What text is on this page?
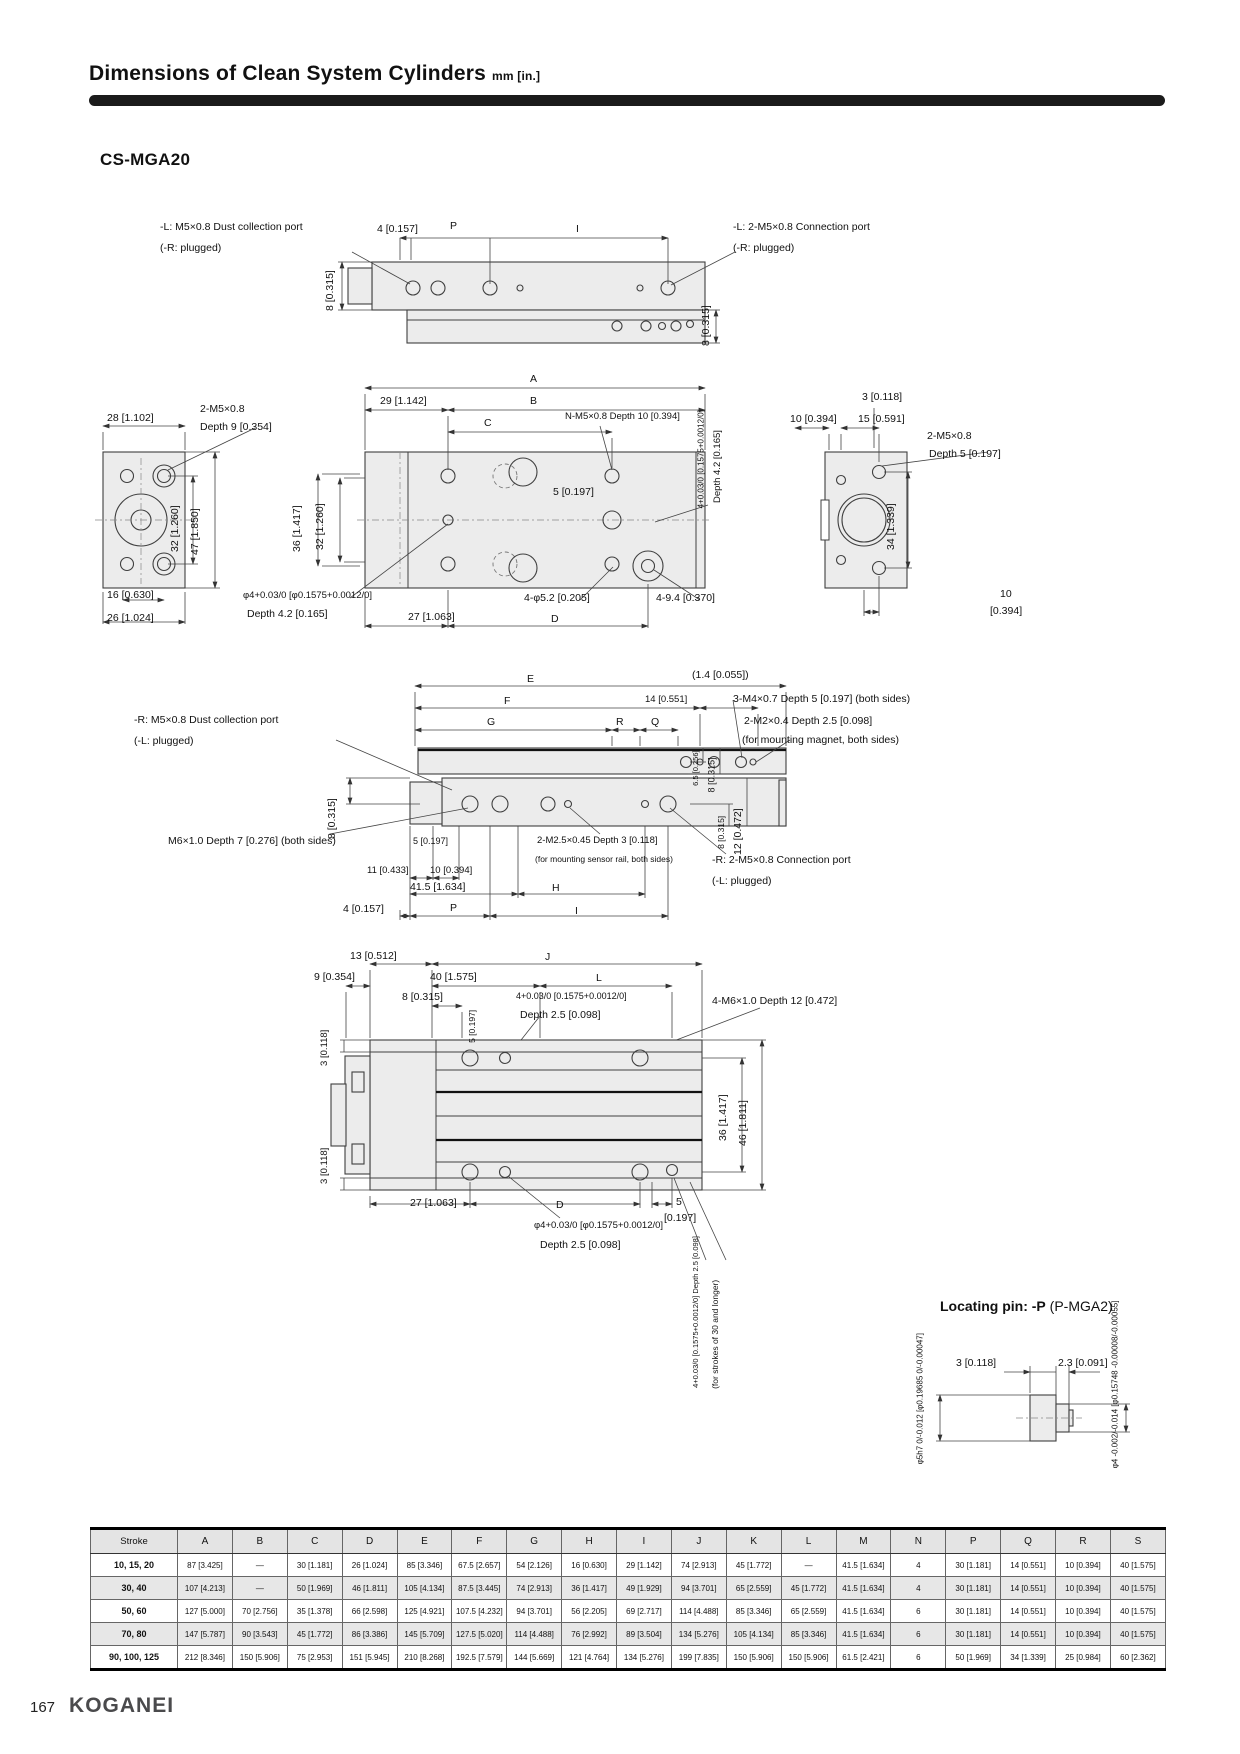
Dimensions of Clean System Cylinders mm [in.]
CS-MGA20
-L: M5×0.8 Dust collection port
(-R: plugged)
4 [0.157]	P	I	-L: 2-M5×0.8 Connection port
(-R: plugged)
8 [0.315]
8 [0.315]
28 [1.102]
2-M5×0.8
Depth 9 [0.354]
32 [1.260] 47 [1.850]
16 [0.630]
26 [1.024]
A
29 [1.142]	B
C
N-M5×0.8 Depth 10 [0.394]
5 [0.197]
36 [1.417] 32 [1.260]
4+0.03/0 [0.1575+0.0012/0] Depth 4.2 [0.165]
φ4+0.03/0 [φ0.1575+0.0012/0]
Depth 4.2 [0.165]	27 [1.063]	D
4-φ5.2 [0.205]	4-9.4 [0.370]
3 [0.118]
10 [0.394] 15 [0.591]
2-M5×0.8
Depth 5 [0.197]
34 [1.339]
10
[0.394]
E	(1.4 [0.055])
F	14 [0.551]	3-M4×0.7 Depth 5 [0.197] (both sides)
-R: M5×0.8 Dust collection port
(-L: plugged)
G	R	Q	2-M2×0.4 Depth 2.5 [0.098]
(for mounting magnet, both sides)
6.5 [0.256] 8 [0.315]
8 [0.315]	8 [0.315] 12 [0.472]
M6×1.0 Depth 7 [0.276] (both sides)	5 [0.197]	2-M2.5×0.45 Depth 3 [0.118]
(for mounting sensor rail, both sides)	-R: 2-M5×0.8 Connection port
(-L: plugged)
11 [0.433] 10 [0.394]
41.5 [1.634]	H
4 [0.157]	P	I
13 [0.512]	J
9 [0.354]	40 [1.575]	L
8 [0.315]	4+0.03/0 [0.1575+0.0012/0]
Depth 2.5 [0.098]
5 [0.197]
4-M6×1.0 Depth 12 [0.472]
3 [0.118]
36 [1.417] 46 [1.811]
3 [0.118]
27 [1.063]	D	5
[0.197]
φ4+0.03/0 [φ0.1575+0.0012/0]
Depth 2.5 [0.098]	4+0.03/0 [0.1575+0.0012/0] Depth 2.5 [0.098] (for strokes of 30 and longer)	φ5h7 0/-0.012 [φ0.19685 0/-0.00047]	3 [0.118]	2.3 [0.091] φ4 -0.002/-0.014 [φ0.15748 -0.00008/-0.00055]
Locating pin: -P (P-MGA2)
Stroke	A	B	C	D	E	F	G	H	I	J	K	L	M	N	P	Q	R	S
10, 15, 20	87 [3.425]	—	30 [1.181]	26 [1.024]	85 [3.346]	67.5 [2.657]	54 [2.126]	16 [0.630]	29 [1.142]	74 [2.913]	45 [1.772]	—	41.5 [1.634]	4	30 [1.181]	14 [0.551]	10 [0.394]	40 [1.575]
30, 40	107 [4.213]	—	50 [1.969]	46 [1.811]	105 [4.134]	87.5 [3.445]	74 [2.913]	36 [1.417]	49 [1.929]	94 [3.701]	65 [2.559]	45 [1.772]	41.5 [1.634]	4	30 [1.181]	14 [0.551]	10 [0.394]	40 [1.575]
50, 60	127 [5.000]	70 [2.756]	35 [1.378]	66 [2.598]	125 [4.921]	107.5 [4.232]	94 [3.701]	56 [2.205]	69 [2.717]	114 [4.488]	85 [3.346]	65 [2.559]	41.5 [1.634]	6	30 [1.181]	14 [0.551]	10 [0.394]	40 [1.575]
70, 80	147 [5.787]	90 [3.543]	45 [1.772]	86 [3.386]	145 [5.709]	127.5 [5.020]	114 [4.488]	76 [2.992]	89 [3.504]	134 [5.276]	105 [4.134]	85 [3.346]	41.5 [1.634]	6	30 [1.181]	14 [0.551]	10 [0.394]	40 [1.575]
90, 100, 125	212 [8.346]	150 [5.906]	75 [2.953]	151 [5.945]	210 [8.268]	192.5 [7.579]	144 [5.669]	121 [4.764]	134 [5.276]	199 [7.835]	150 [5.906]	150 [5.906]	61.5 [2.421]	6	50 [1.969]	34 [1.339]	25 [0.984]	60 [2.362]
167 KOGANEI
